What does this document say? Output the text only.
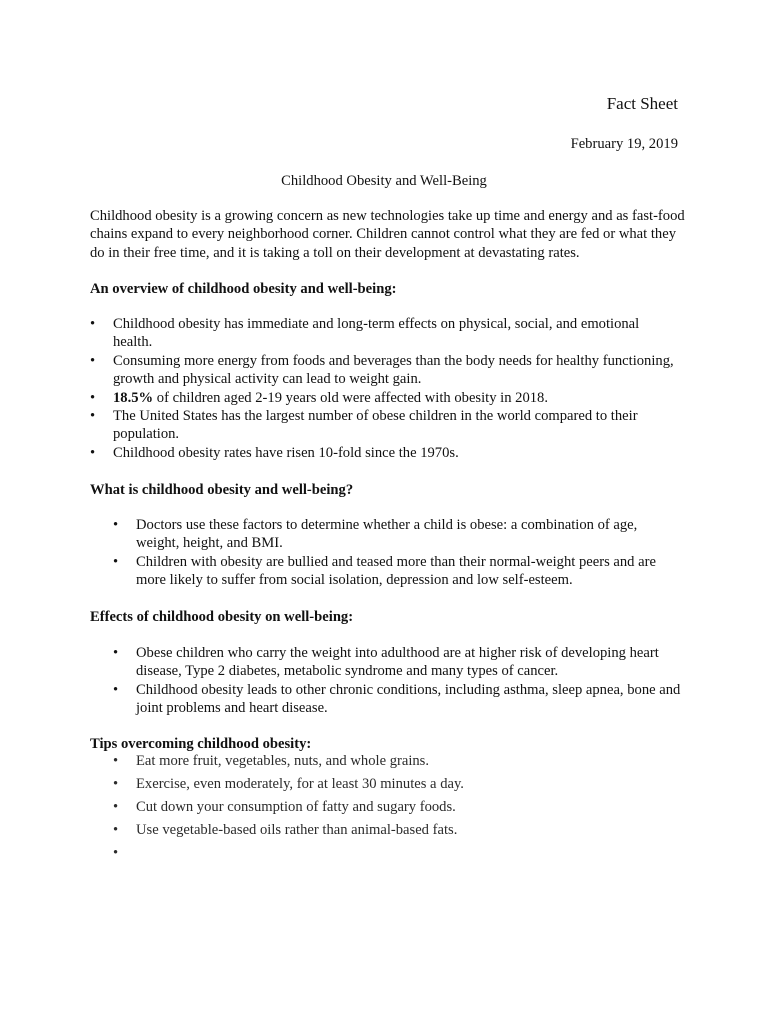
Fact Sheet
February 19, 2019
Childhood Obesity and Well-Being

Childhood obesity is a growing concern as new technologies take up time and energy and as fast-food chains expand to every neighborhood corner. Children cannot control what they are fed or what they do in their free time, and it is taking a toll on their development at devastating rates.

An overview of childhood obesity and well-being:

• Childhood obesity has immediate and long-term effects on physical, social, and emotional health.
• Consuming more energy from foods and beverages than the body needs for healthy functioning, growth and physical activity can lead to weight gain.
• 18.5% of children aged 2-19 years old were affected with obesity in 2018.
• The United States has the largest number of obese children in the world compared to their population.
• Childhood obesity rates have risen 10-fold since the 1970s.

What is childhood obesity and well-being?

• Doctors use these factors to determine whether a child is obese: a combination of age, weight, height, and BMI.
• Children with obesity are bullied and teased more than their normal-weight peers and are more likely to suffer from social isolation, depression and low self-esteem.

Effects of childhood obesity on well-being:

• Obese children who carry the weight into adulthood are at higher risk of developing heart disease, Type 2 diabetes, metabolic syndrome and many types of cancer.
• Childhood obesity leads to other chronic conditions, including asthma, sleep apnea, bone and joint problems and heart disease.

Tips overcoming childhood obesity:

• Eat more fruit, vegetables, nuts, and whole grains.
• Exercise, even moderately, for at least 30 minutes a day.
• Cut down your consumption of fatty and sugary foods.
• Use vegetable-based oils rather than animal-based fats.
•
